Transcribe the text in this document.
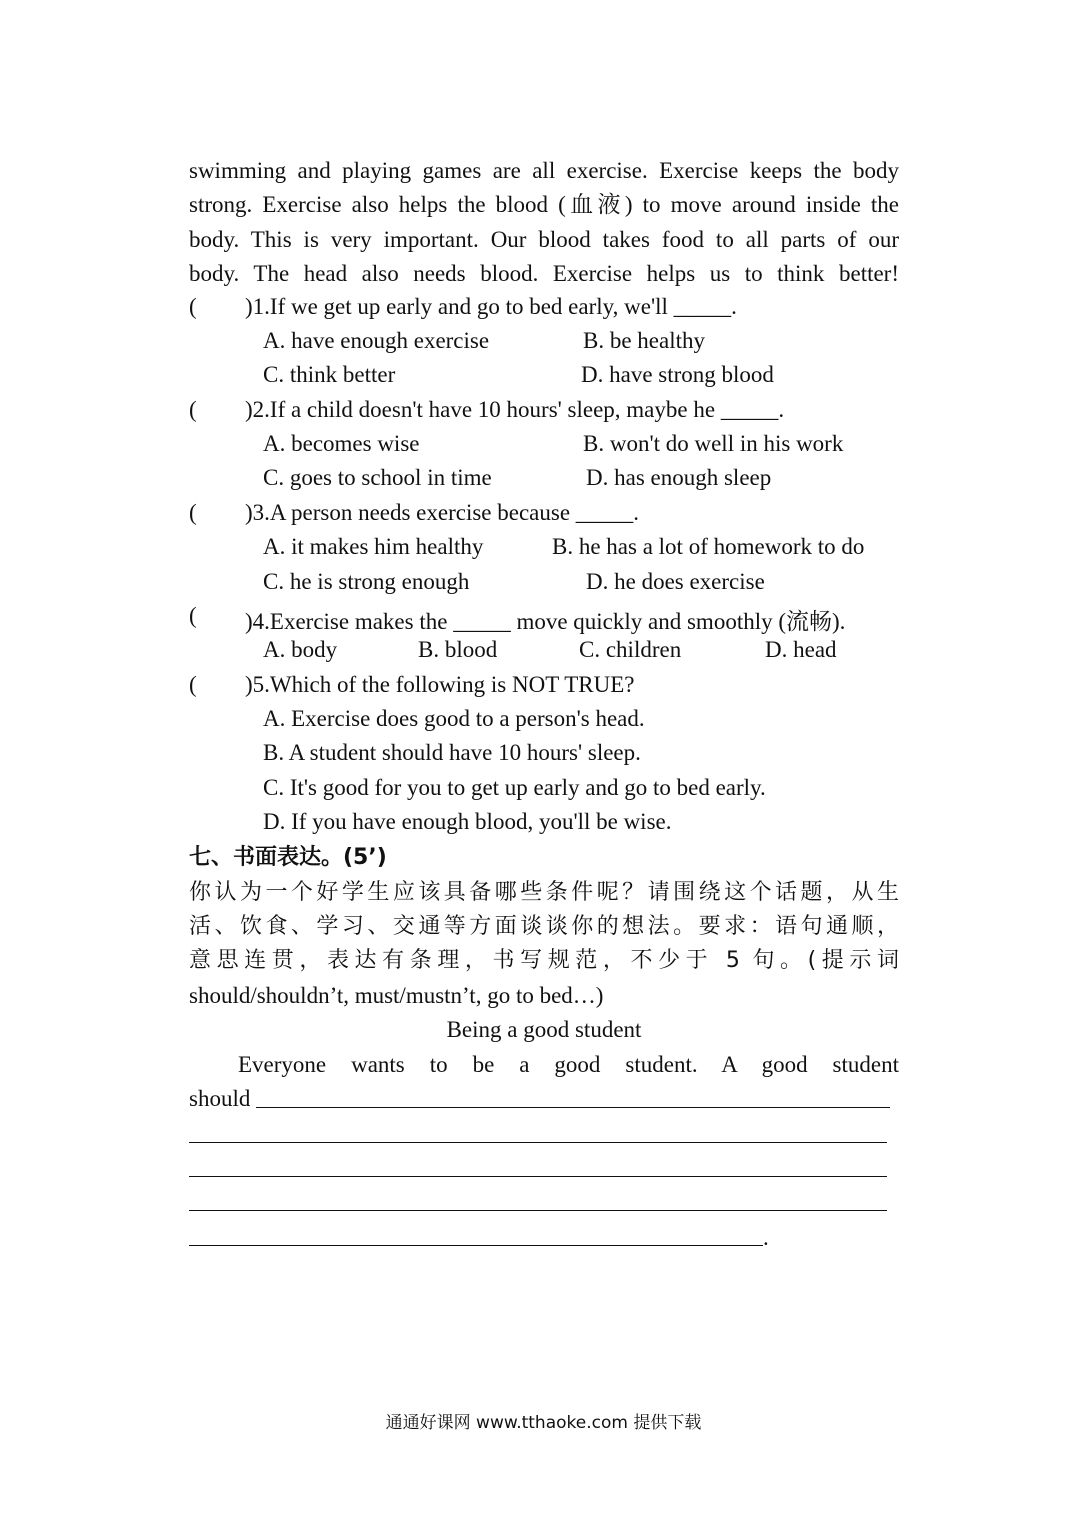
swimming and playing games are all exercise. Exercise keeps the body
strong. Exercise also helps the blood (血液) to move around inside the
body. This is very important. Our blood takes food to all parts of our
body. The head also needs blood. Exercise helps us to think better!
( )1.If we get up early and go to bed early, we'll _____.
A. have enough exercise	B. be healthy
C. think better	D. have strong blood
( )2.If a child doesn't have 10 hours' sleep, maybe he _____.
A. becomes wise	B. won't do well in his work
C. goes to school in time	D. has enough sleep
( )3.A person needs exercise because _____.
A. it makes him healthy	B. he has a lot of homework to do
C. he is strong enough	D. he does exercise
( )4.Exercise makes the _____ move quickly and smoothly (流畅).
A. body	B. blood	C. children	D. head
( )5.Which of the following is NOT TRUE?
A. Exercise does good to a person's head.
B. A student should have 10 hours' sleep.
C. It's good for you to get up early and go to bed early.
D. If you have enough blood, you'll be wise.
七、书面表达。(5’)
你认为一个好学生应该具备哪些条件呢？请围绕这个话题，从生
活、饮食、学习、交通等方面谈谈你的想法。要求：语句通顺，
意思连贯，表达有条理，书写规范，不少于 5 句。(提示词
should/shouldn’t, must/mustn’t, go to bed…)
Being a good student
Everyone wants to be a good student. A good student
should
.
通通好课网 www.tthaoke.com 提供下载
